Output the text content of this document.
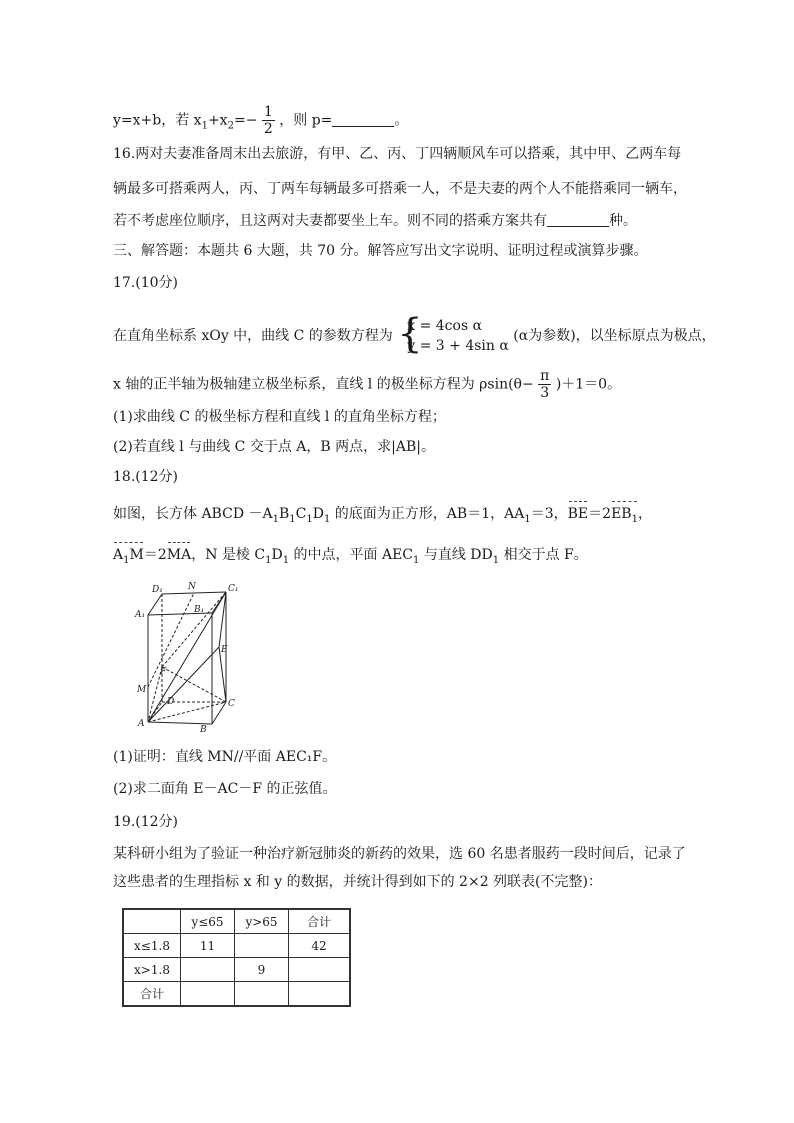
y=x+b，若 $x_1+x_2=- \frac{1}{2}$ ，则 p=	。
16.两对夫妻准备周末出去旅游，有甲、乙、丙、丁四辆顺风车可以搭乘，其中甲、乙两车每
辆最多可搭乘两人，丙、丁两车每辆最多可搭乘一人，不是夫妻的两个人不能搭乘同一辆车，
若不考虑座位顺序，且这两对夫妻都要坐上车。则不同的搭乘方案共有	种。
三、解答题：本题共 6 大题，共 70 分。解答应写出文字说明、证明过程或演算步骤。
17.(10分)
在直角坐标系 xOy 中，曲线 C 的参数方程为 {
x = 4cos α
y = 3 + 4sin α
(α为参数)，以坐标原点为极点，
x 轴的正半轴为极轴建立极坐标系，直线 l 的极坐标方程为 $\rho\sin(\theta- \frac{\pi}{3} )+1=0$。
(1)求曲线 C 的极坐标方程和直线 l 的直角坐标方程；
(2)若直线 l 与曲线 C 交于点 A，B 两点，求|AB|。
18.(12分)
如图，长方体 ABCD $-A_1B_1C_1D_1$ 的底面为正方形，AB＝1，$AA_1=3$，$BE=2EB_1$，
$A_1M=2MA$，N 是棱 $C_1D_1$ 的中点，平面 $AEC_1$ 与直线 $DD_1$ 相交于点 F。
D₁	N	C₁
A₁	B₁
E
F
M
D	C
A
B
(1)证明：直线 MN//平面 AEC₁F。
(2)求二面角 E－AC－F 的正弦值。
19.(12分)
某科研小组为了验证一种治疗新冠肺炎的新药的效果，选 60 名患者服药一段时间后，记录了
这些患者的生理指标 x 和 y 的数据，并统计得到如下的 2×2 列联表(不完整)：
	y≤65	y>65	合计
x≤1.8	11		42
x>1.8		9	
合计			
